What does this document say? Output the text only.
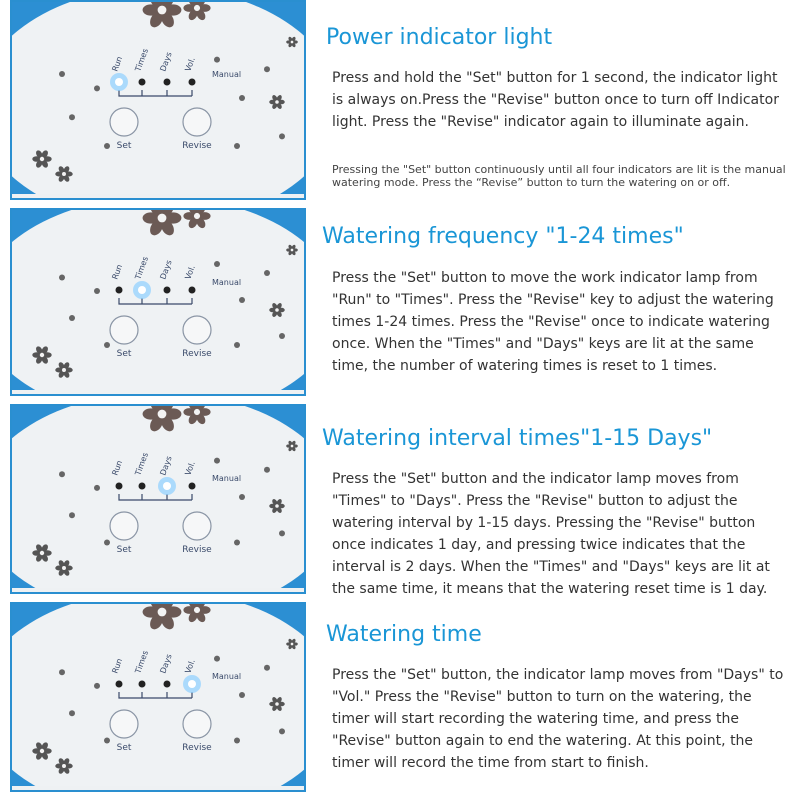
Run Times Days Vol.
Manual
Set	Revise
Power indicator light
Press and hold the "Set" button for 1 second, the indicator light is always on.Press the "Revise" button once to turn off Indicator light. Press the "Revise" indicator again to illuminate again.
Pressing the "Set" button continuously until all four indicators are lit is the manual watering mode. Press the “Revise” button to turn the watering on or off.
Run Times Days Vol.
Manual
Set	Revise
Watering frequency "1-24 times"
Press the "Set" button to move the work indicator lamp from "Run" to "Times". Press the "Revise" key to adjust the watering times 1-24 times. Press the "Revise" once to indicate watering once. When the "Times" and "Days" keys are lit at the same time, the number of watering times is reset to 1 times.
Run Times Days Vol.
Manual
Set	Revise
Watering interval times"1-15 Days"
Press the "Set" button and the indicator lamp moves from "Times" to "Days". Press the "Revise" button to adjust the watering interval by 1-15 days. Pressing the "Revise" button once indicates 1 day, and pressing twice indicates that the interval is 2 days. When the "Times" and "Days" keys are lit at the same time, it means that the watering reset time is 1 day.
Run Times Days Vol.
Manual
Set	Revise
Watering time
Press the "Set" button, the indicator lamp moves from "Days" to "Vol." Press the "Revise" button to turn on the watering, the timer will start recording the watering time, and press the "Revise" button again to end the watering. At this point, the timer will record the time from start to finish.
